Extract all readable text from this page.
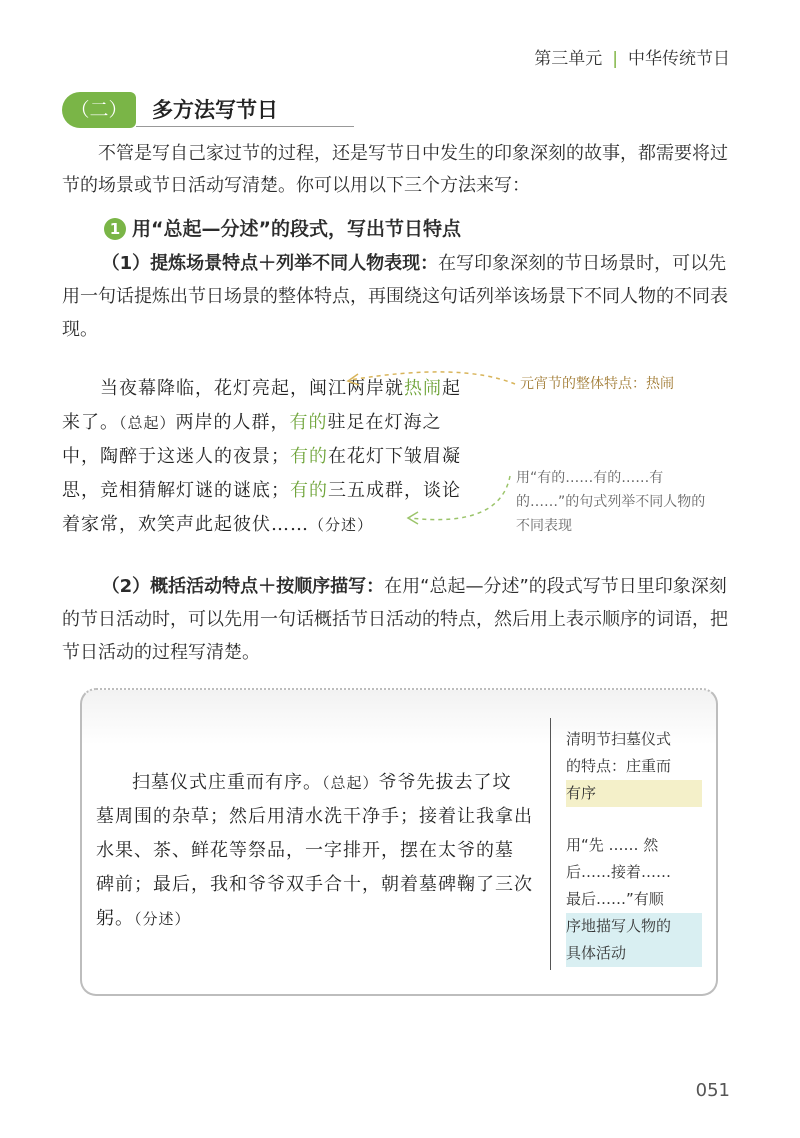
第三单元 | 中华传统节日
（二）	多方法写节日
不管是写自己家过节的过程，还是写节日中发生的印象深刻的故事，都需要将过节的场景或节日活动写清楚。你可以用以下三个方法来写：
1 用“总起—分述”的段式，写出节日特点
（1）提炼场景特点＋列举不同人物表现：在写印象深刻的节日场景时，可以先用一句话提炼出节日场景的整体特点，再围绕这句话列举该场景下不同人物的不同表现。
当夜幕降临，花灯亮起，闽江两岸就热闹起
来了。（总起）两岸的人群，有的驻足在灯海之
中，陶醉于这迷人的夜景；有的在花灯下皱眉凝
思，竞相猜解灯谜的谜底；有的三五成群，谈论
着家常，欢笑声此起彼伏……（分述）
元宵节的整体特点：热闹
用“有的……有的……有的……”的句式列举不同人物的不同表现
（2）概括活动特点＋按顺序描写：在用“总起—分述”的段式写节日里印象深刻的节日活动时，可以先用一句话概括节日活动的特点，然后用上表示顺序的词语，把节日活动的过程写清楚。
扫墓仪式庄重而有序。（总起）爷爷先拔去了坟
墓周围的杂草；然后用清水洗干净手；接着让我拿出
水果、茶、鲜花等祭品，一字排开，摆在太爷的墓
碑前；最后，我和爷爷双手合十，朝着墓碑鞠了三次
躬。（分述）
清明节扫墓仪式
的特点：庄重而
有序
用“先 …… 然
后……接着……
最后……”有顺
序地描写人物的
具体活动
051
